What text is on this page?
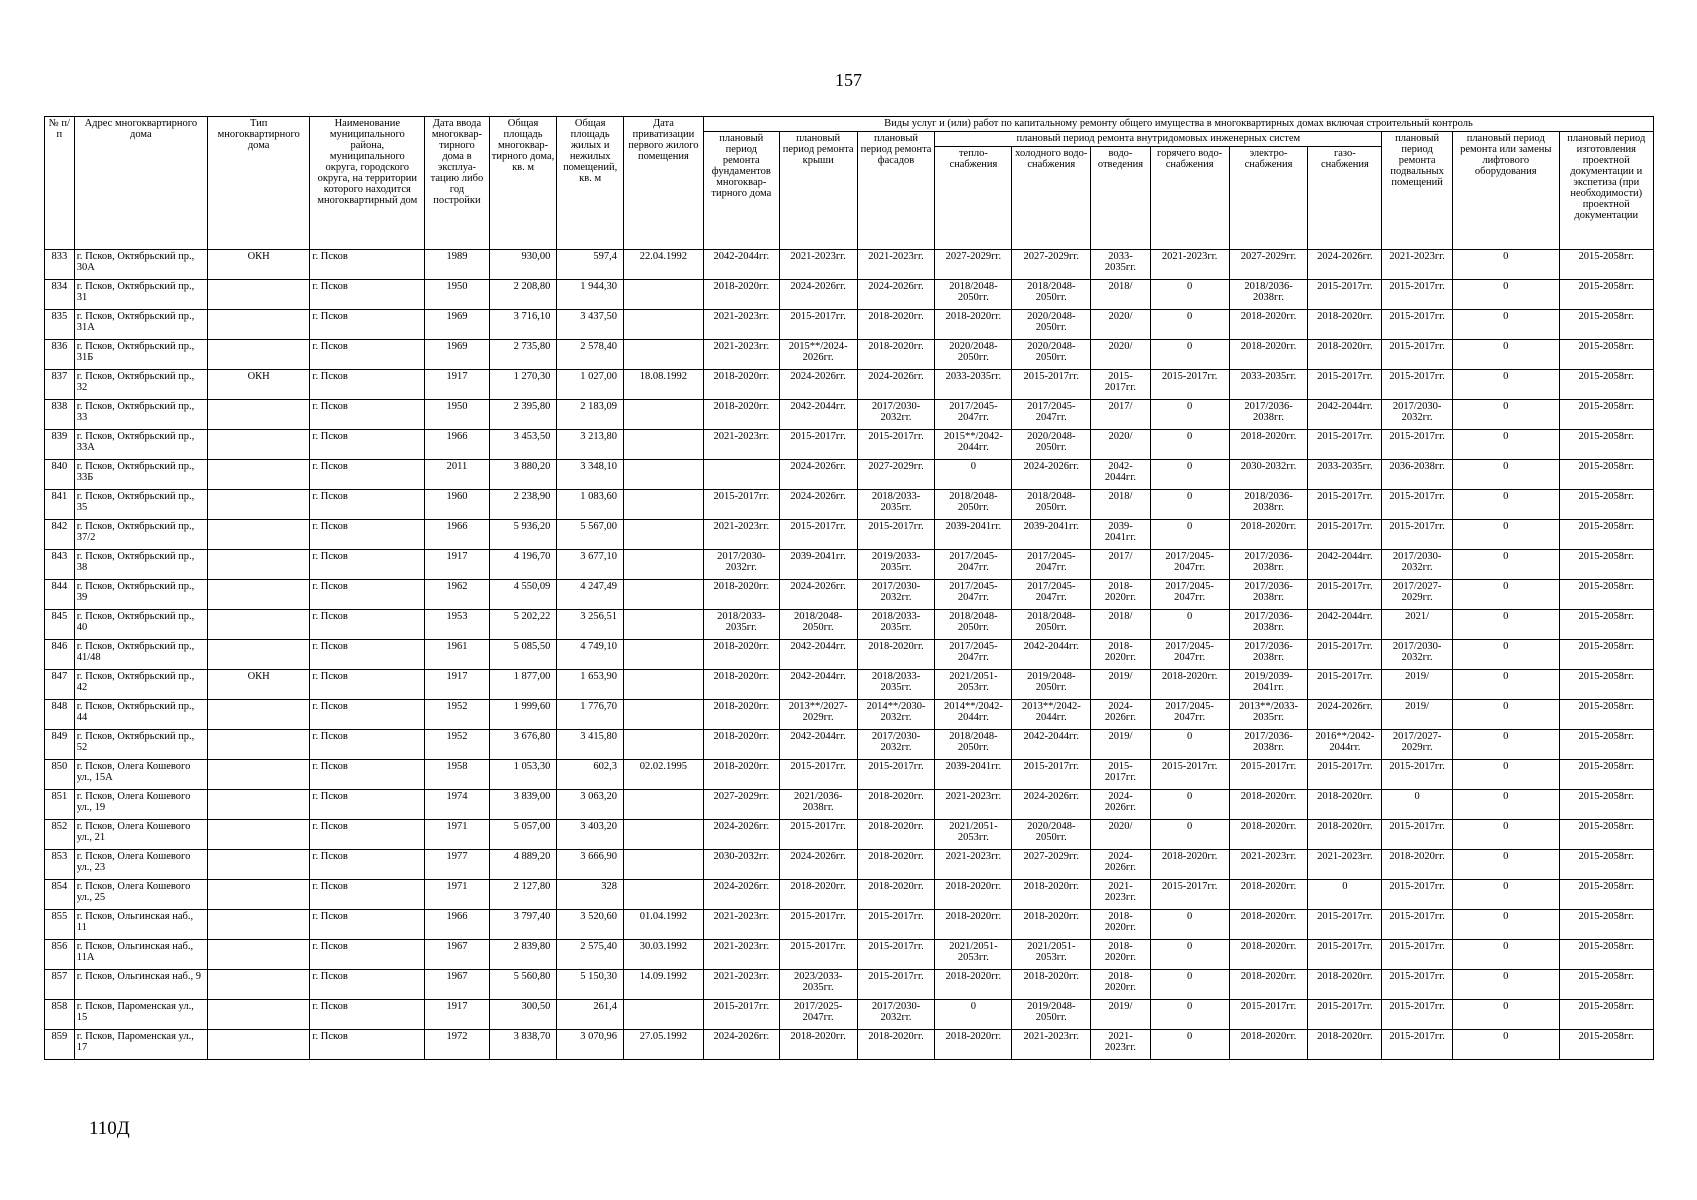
157
№ п/п	Адрес многоквартирного дома	Тип многоквартирного дома	Наименование муниципального района, муниципального округа, городского округа, на территории которого находится многоквартирный дом	Дата ввода многоквар-тирного дома в эксплуа-тацию либо год постройки	Общая площадь многоквар-тирного дома, кв. м	Общая площадь жилых и нежилых помещений, кв. м	Дата приватизации первого жилого помещения	Виды услуг и (или) работ по капитальному ремонту общего имущества в многоквартирных домах включая строительный контроль											
								плановый период ремонта фундаментов многоквар-тирного дома	плановый период ремонта крыши	плановый период ремонта фасадов	плановый период ремонта внутридомовых инженерных систем						плановый период ремонта подвальных помещений	плановый период ремонта или замены лифтового оборудования	плановый период изготовления проектной документации и экспетиза (при необходимости) проектной документации
											тепло-снабжения	холодного водо-снабжения	водо-отведения	горячего водо-снабжения	электро-снабжения	газо-снабжения			
833	г. Псков, Октябрьский пр., 30А	ОКН	г. Псков	1989	930,00	597,4	22.04.1992	2042-2044гг.	2021-2023гг.	2021-2023гг.	2027-2029гг.	2027-2029гг.	2033-2035гг.	2021-2023гг.	2027-2029гг.	2024-2026гг.	2021-2023гг.	0	2015-2058гг.
834	г. Псков, Октябрьский пр., 31		г. Псков	1950	2 208,80	1 944,30		2018-2020гг.	2024-2026гг.	2024-2026гг.	2018/2048-2050гг.	2018/2048-2050гг.	2018/	0	2018/2036-2038гг.	2015-2017гг.	2015-2017гг.	0	2015-2058гг.
835	г. Псков, Октябрьский пр., 31А		г. Псков	1969	3 716,10	3 437,50		2021-2023гг.	2015-2017гг.	2018-2020гг.	2018-2020гг.	2020/2048-2050гг.	2020/	0	2018-2020гг.	2018-2020гг.	2015-2017гг.	0	2015-2058гг.
836	г. Псков, Октябрьский пр., 31Б		г. Псков	1969	2 735,80	2 578,40		2021-2023гг.	2015**/2024-2026гг.	2018-2020гг.	2020/2048-2050гг.	2020/2048-2050гг.	2020/	0	2018-2020гг.	2018-2020гг.	2015-2017гг.	0	2015-2058гг.
837	г. Псков, Октябрьский пр., 32	ОКН	г. Псков	1917	1 270,30	1 027,00	18.08.1992	2018-2020гг.	2024-2026гг.	2024-2026гг.	2033-2035гг.	2015-2017гг.	2015-2017гг.	2015-2017гг.	2033-2035гг.	2015-2017гг.	2015-2017гг.	0	2015-2058гг.
838	г. Псков, Октябрьский пр., 33		г. Псков	1950	2 395,80	2 183,09		2018-2020гг.	2042-2044гг.	2017/2030-2032гг.	2017/2045-2047гг.	2017/2045-2047гг.	2017/	0	2017/2036-2038гг.	2042-2044гг.	2017/2030-2032гг.	0	2015-2058гг.
839	г. Псков, Октябрьский пр., 33А		г. Псков	1966	3 453,50	3 213,80		2021-2023гг.	2015-2017гг.	2015-2017гг.	2015**/2042-2044гг.	2020/2048-2050гг.	2020/	0	2018-2020гг.	2015-2017гг.	2015-2017гг.	0	2015-2058гг.
840	г. Псков, Октябрьский пр., 33Б		г. Псков	2011	3 880,20	3 348,10			2024-2026гг.	2027-2029гг.	0	2024-2026гг.	2042-2044гг.	0	2030-2032гг.	2033-2035гг.	2036-2038гг.	0	2015-2058гг.
841	г. Псков, Октябрьский пр., 35		г. Псков	1960	2 238,90	1 083,60		2015-2017гг.	2024-2026гг.	2018/2033-2035гг.	2018/2048-2050гг.	2018/2048-2050гг.	2018/	0	2018/2036-2038гг.	2015-2017гг.	2015-2017гг.	0	2015-2058гг.
842	г. Псков, Октябрьский пр., 37/2		г. Псков	1966	5 936,20	5 567,00		2021-2023гг.	2015-2017гг.	2015-2017гг.	2039-2041гг.	2039-2041гг.	2039-2041гг.	0	2018-2020гг.	2015-2017гг.	2015-2017гг.	0	2015-2058гг.
843	г. Псков, Октябрьский пр., 38		г. Псков	1917	4 196,70	3 677,10		2017/2030-2032гг.	2039-2041гг.	2019/2033-2035гг.	2017/2045-2047гг.	2017/2045-2047гг.	2017/	2017/2045-2047гг.	2017/2036-2038гг.	2042-2044гг.	2017/2030-2032гг.	0	2015-2058гг.
844	г. Псков, Октябрьский пр., 39		г. Псков	1962	4 550,09	4 247,49		2018-2020гг.	2024-2026гг.	2017/2030-2032гг.	2017/2045-2047гг.	2017/2045-2047гг.	2018-2020гг.	2017/2045-2047гг.	2017/2036-2038гг.	2015-2017гг.	2017/2027-2029гг.	0	2015-2058гг.
845	г. Псков, Октябрьский пр., 40		г. Псков	1953	5 202,22	3 256,51		2018/2033-2035гг.	2018/2048-2050гг.	2018/2033-2035гг.	2018/2048-2050гг.	2018/2048-2050гг.	2018/	0	2017/2036-2038гг.	2042-2044гг.	2021/	0	2015-2058гг.
846	г. Псков, Октябрьский пр., 41/48		г. Псков	1961	5 085,50	4 749,10		2018-2020гг.	2042-2044гг.	2018-2020гг.	2017/2045-2047гг.	2042-2044гг.	2018-2020гг.	2017/2045-2047гг.	2017/2036-2038гг.	2015-2017гг.	2017/2030-2032гг.	0	2015-2058гг.
847	г. Псков, Октябрьский пр., 42	ОКН	г. Псков	1917	1 877,00	1 653,90		2018-2020гг.	2042-2044гг.	2018/2033-2035гг.	2021/2051-2053гг.	2019/2048-2050гг.	2019/	2018-2020гг.	2019/2039-2041гг.	2015-2017гг.	2019/	0	2015-2058гг.
848	г. Псков, Октябрьский пр., 44		г. Псков	1952	1 999,60	1 776,70		2018-2020гг.	2013**/2027-2029гг.	2014**/2030-2032гг.	2014**/2042-2044гг.	2013**/2042-2044гг.	2024-2026гг.	2017/2045-2047гг.	2013**/2033-2035гг.	2024-2026гг.	2019/	0	2015-2058гг.
849	г. Псков, Октябрьский пр., 52		г. Псков	1952	3 676,80	3 415,80		2018-2020гг.	2042-2044гг.	2017/2030-2032гг.	2018/2048-2050гг.	2042-2044гг.	2019/	0	2017/2036-2038гг.	2016**/2042-2044гг.	2017/2027-2029гг.	0	2015-2058гг.
850	г. Псков, Олега Кошевого ул., 15А		г. Псков	1958	1 053,30	602,3	02.02.1995	2018-2020гг.	2015-2017гг.	2015-2017гг.	2039-2041гг.	2015-2017гг.	2015-2017гг.	2015-2017гг.	2015-2017гг.	2015-2017гг.	2015-2017гг.	0	2015-2058гг.
851	г. Псков, Олега Кошевого ул., 19		г. Псков	1974	3 839,00	3 063,20		2027-2029гг.	2021/2036-2038гг.	2018-2020гг.	2021-2023гг.	2024-2026гг.	2024-2026гг.	0	2018-2020гг.	2018-2020гг.	0	0	2015-2058гг.
852	г. Псков, Олега Кошевого ул., 21		г. Псков	1971	5 057,00	3 403,20		2024-2026гг.	2015-2017гг.	2018-2020гг.	2021/2051-2053гг.	2020/2048-2050гг.	2020/	0	2018-2020гг.	2018-2020гг.	2015-2017гг.	0	2015-2058гг.
853	г. Псков, Олега Кошевого ул., 23		г. Псков	1977	4 889,20	3 666,90		2030-2032гг.	2024-2026гг.	2018-2020гг.	2021-2023гг.	2027-2029гг.	2024-2026гг.	2018-2020гг.	2021-2023гг.	2021-2023гг.	2018-2020гг.	0	2015-2058гг.
854	г. Псков, Олега Кошевого ул., 25		г. Псков	1971	2 127,80	328		2024-2026гг.	2018-2020гг.	2018-2020гг.	2018-2020гг.	2018-2020гг.	2021-2023гг.	2015-2017гг.	2018-2020гг.	0	2015-2017гг.	0	2015-2058гг.
855	г. Псков, Ольгинская наб., 11		г. Псков	1966	3 797,40	3 520,60	01.04.1992	2021-2023гг.	2015-2017гг.	2015-2017гг.	2018-2020гг.	2018-2020гг.	2018-2020гг.	0	2018-2020гг.	2015-2017гг.	2015-2017гг.	0	2015-2058гг.
856	г. Псков, Ольгинская наб., 11А		г. Псков	1967	2 839,80	2 575,40	30.03.1992	2021-2023гг.	2015-2017гг.	2015-2017гг.	2021/2051-2053гг.	2021/2051-2053гг.	2018-2020гг.	0	2018-2020гг.	2015-2017гг.	2015-2017гг.	0	2015-2058гг.
857	г. Псков, Ольгинская наб., 9		г. Псков	1967	5 560,80	5 150,30	14.09.1992	2021-2023гг.	2023/2033-2035гг.	2015-2017гг.	2018-2020гг.	2018-2020гг.	2018-2020гг.	0	2018-2020гг.	2018-2020гг.	2015-2017гг.	0	2015-2058гг.
858	г. Псков, Пароменская ул., 15		г. Псков	1917	300,50	261,4		2015-2017гг.	2017/2025-2047гг.	2017/2030-2032гг.	0	2019/2048-2050гг.	2019/	0	2015-2017гг.	2015-2017гг.	2015-2017гг.	0	2015-2058гг.
859	г. Псков, Пароменская ул., 17		г. Псков	1972	3 838,70	3 070,96	27.05.1992	2024-2026гг.	2018-2020гг.	2018-2020гг.	2018-2020гг.	2021-2023гг.	2021-2023гг.	0	2018-2020гг.	2018-2020гг.	2015-2017гг.	0	2015-2058гг.
110Д
